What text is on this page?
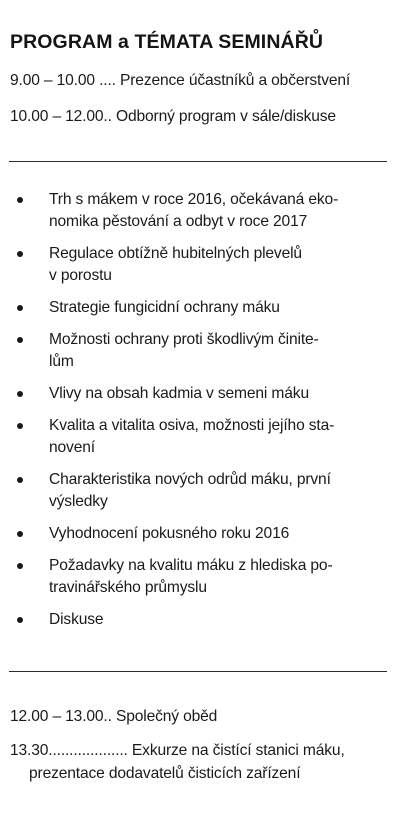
PROGRAM a TÉMATA SEMINÁŘŮ
9.00 – 10.00 .... Prezence účastníků a občerstvení
10.00 – 12.00.. Odborný program v sále/diskuse
Trh s mákem v roce 2016, očekávaná eko-
nomika pěstování a odbyt v roce 2017
Regulace obtížně hubitelných plevelů
v porostu
Strategie fungicidní ochrany máku
Možnosti ochrany proti škodlivým činite-
lům
Vlivy na obsah kadmia v semeni máku
Kvalita a vitalita osiva, možnosti jejího sta-
novení
Charakteristika nových odrůd máku, první
výsledky
Vyhodnocení pokusného roku 2016
Požadavky na kvalitu máku z hlediska po-
travinářského průmyslu
Diskuse
12.00 – 13.00.. Společný oběd
13.30................... Exkurze na čistící stanici máku,
prezentace dodavatelů čisticích zařízení
